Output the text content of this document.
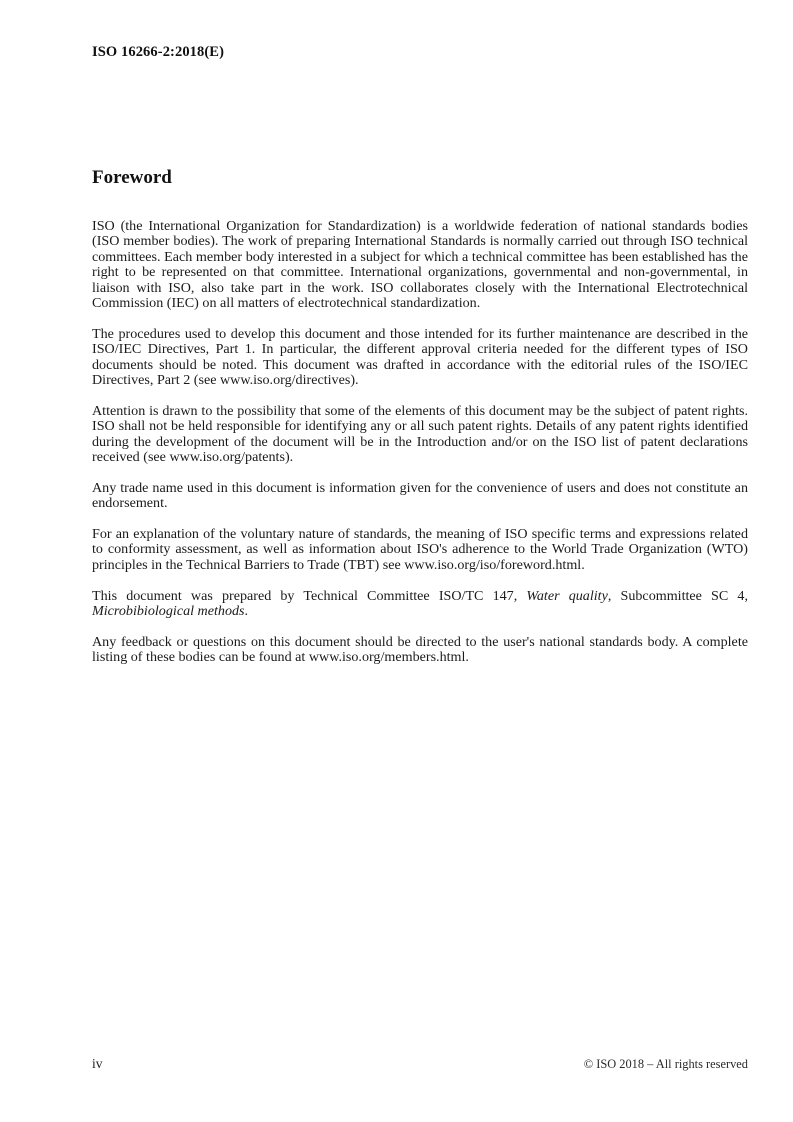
ISO 16266-2:2018(E)
Foreword

ISO (the International Organization for Standardization) is a worldwide federation of national standards bodies (ISO member bodies). The work of preparing International Standards is normally carried out through ISO technical committees. Each member body interested in a subject for which a technical committee has been established has the right to be represented on that committee. International organizations, governmental and non-governmental, in liaison with ISO, also take part in the work. ISO collaborates closely with the International Electrotechnical Commission (IEC) on all matters of electrotechnical standardization.

The procedures used to develop this document and those intended for its further maintenance are described in the ISO/IEC Directives, Part 1. In particular, the different approval criteria needed for the different types of ISO documents should be noted. This document was drafted in accordance with the editorial rules of the ISO/IEC Directives, Part 2 (see www.iso.org/directives).

Attention is drawn to the possibility that some of the elements of this document may be the subject of patent rights. ISO shall not be held responsible for identifying any or all such patent rights. Details of any patent rights identified during the development of the document will be in the Introduction and/or on the ISO list of patent declarations received (see www.iso.org/patents).

Any trade name used in this document is information given for the convenience of users and does not constitute an endorsement.

For an explanation of the voluntary nature of standards, the meaning of ISO specific terms and expressions related to conformity assessment, as well as information about ISO's adherence to the World Trade Organization (WTO) principles in the Technical Barriers to Trade (TBT) see www.iso.org/iso/foreword.html.

This document was prepared by Technical Committee ISO/TC 147, Water quality, Subcommittee SC 4, Microbibiological methods.

Any feedback or questions on this document should be directed to the user's national standards body. A complete listing of these bodies can be found at www.iso.org/members.html.

iv	© ISO 2018 – All rights reserved
